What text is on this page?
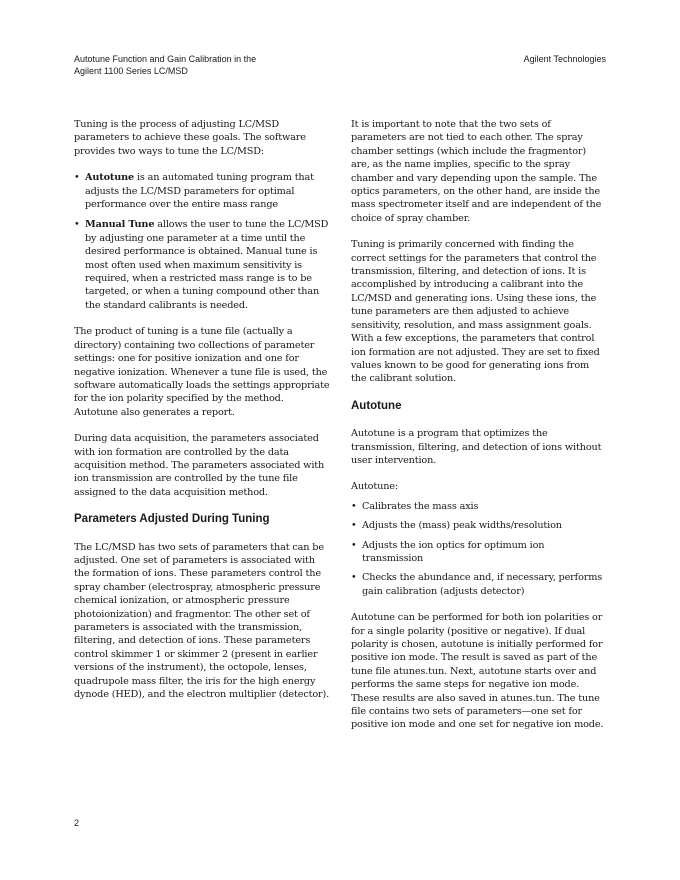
Autotune Function and Gain Calibration in the
Agilent 1100 Series LC/MSD
Agilent Technologies

Tuning is the process of adjusting LC/MSD parameters to achieve these goals. The software provides two ways to tune the LC/MSD:

• Autotune is an automated tuning program that adjusts the LC/MSD parameters for optimal performance over the entire mass range
• Manual Tune allows the user to tune the LC/MSD by adjusting one parameter at a time until the desired performance is obtained. Manual tune is most often used when maximum sensitivity is required, when a restricted mass range is to be targeted, or when a tuning compound other than the standard calibrants is needed.

The product of tuning is a tune file (actually a directory) containing two collections of parameter settings: one for positive ionization and one for negative ionization. Whenever a tune file is used, the software automatically loads the settings appropriate for the ion polarity specified by the method. Autotune also generates a report.

During data acquisition, the parameters associated with ion formation are controlled by the data acquisition method. The parameters associated with ion transmission are controlled by the tune file assigned to the data acquisition method.

Parameters Adjusted During Tuning

The LC/MSD has two sets of parameters that can be adjusted. One set of parameters is associated with the formation of ions. These parameters control the spray chamber (electrospray, atmospheric pressure chemical ionization, or atmospheric pressure photoionization) and fragmentor. The other set of parameters is associated with the transmission, filtering, and detection of ions. These parameters control skimmer 1 or skimmer 2 (present in earlier versions of the instrument), the octopole, lenses, quadrupole mass filter, the iris for the high energy dynode (HED), and the electron multiplier (detector).

It is important to note that the two sets of parameters are not tied to each other. The spray chamber settings (which include the fragmentor) are, as the name implies, specific to the spray chamber and vary depending upon the sample. The optics parameters, on the other hand, are inside the mass spectrometer itself and are independent of the choice of spray chamber.

Tuning is primarily concerned with finding the correct settings for the parameters that control the transmission, filtering, and detection of ions. It is accomplished by introducing a calibrant into the LC/MSD and generating ions. Using these ions, the tune parameters are then adjusted to achieve sensitivity, resolution, and mass assignment goals. With a few exceptions, the parameters that control ion formation are not adjusted. They are set to fixed values known to be good for generating ions from the calibrant solution.

Autotune

Autotune is a program that optimizes the transmission, filtering, and detection of ions without user intervention.

Autotune:

• Calibrates the mass axis
• Adjusts the (mass) peak widths/resolution
• Adjusts the ion optics for optimum ion transmission
• Checks the abundance and, if necessary, performs gain calibration (adjusts detector)

Autotune can be performed for both ion polarities or for a single polarity (positive or negative). If dual polarity is chosen, autotune is initially performed for positive ion mode. The result is saved as part of the tune file atunes.tun. Next, autotune starts over and performs the same steps for negative ion mode. These results are also saved in atunes.tun. The tune file contains two sets of parameters—one set for positive ion mode and one set for negative ion mode.

2
